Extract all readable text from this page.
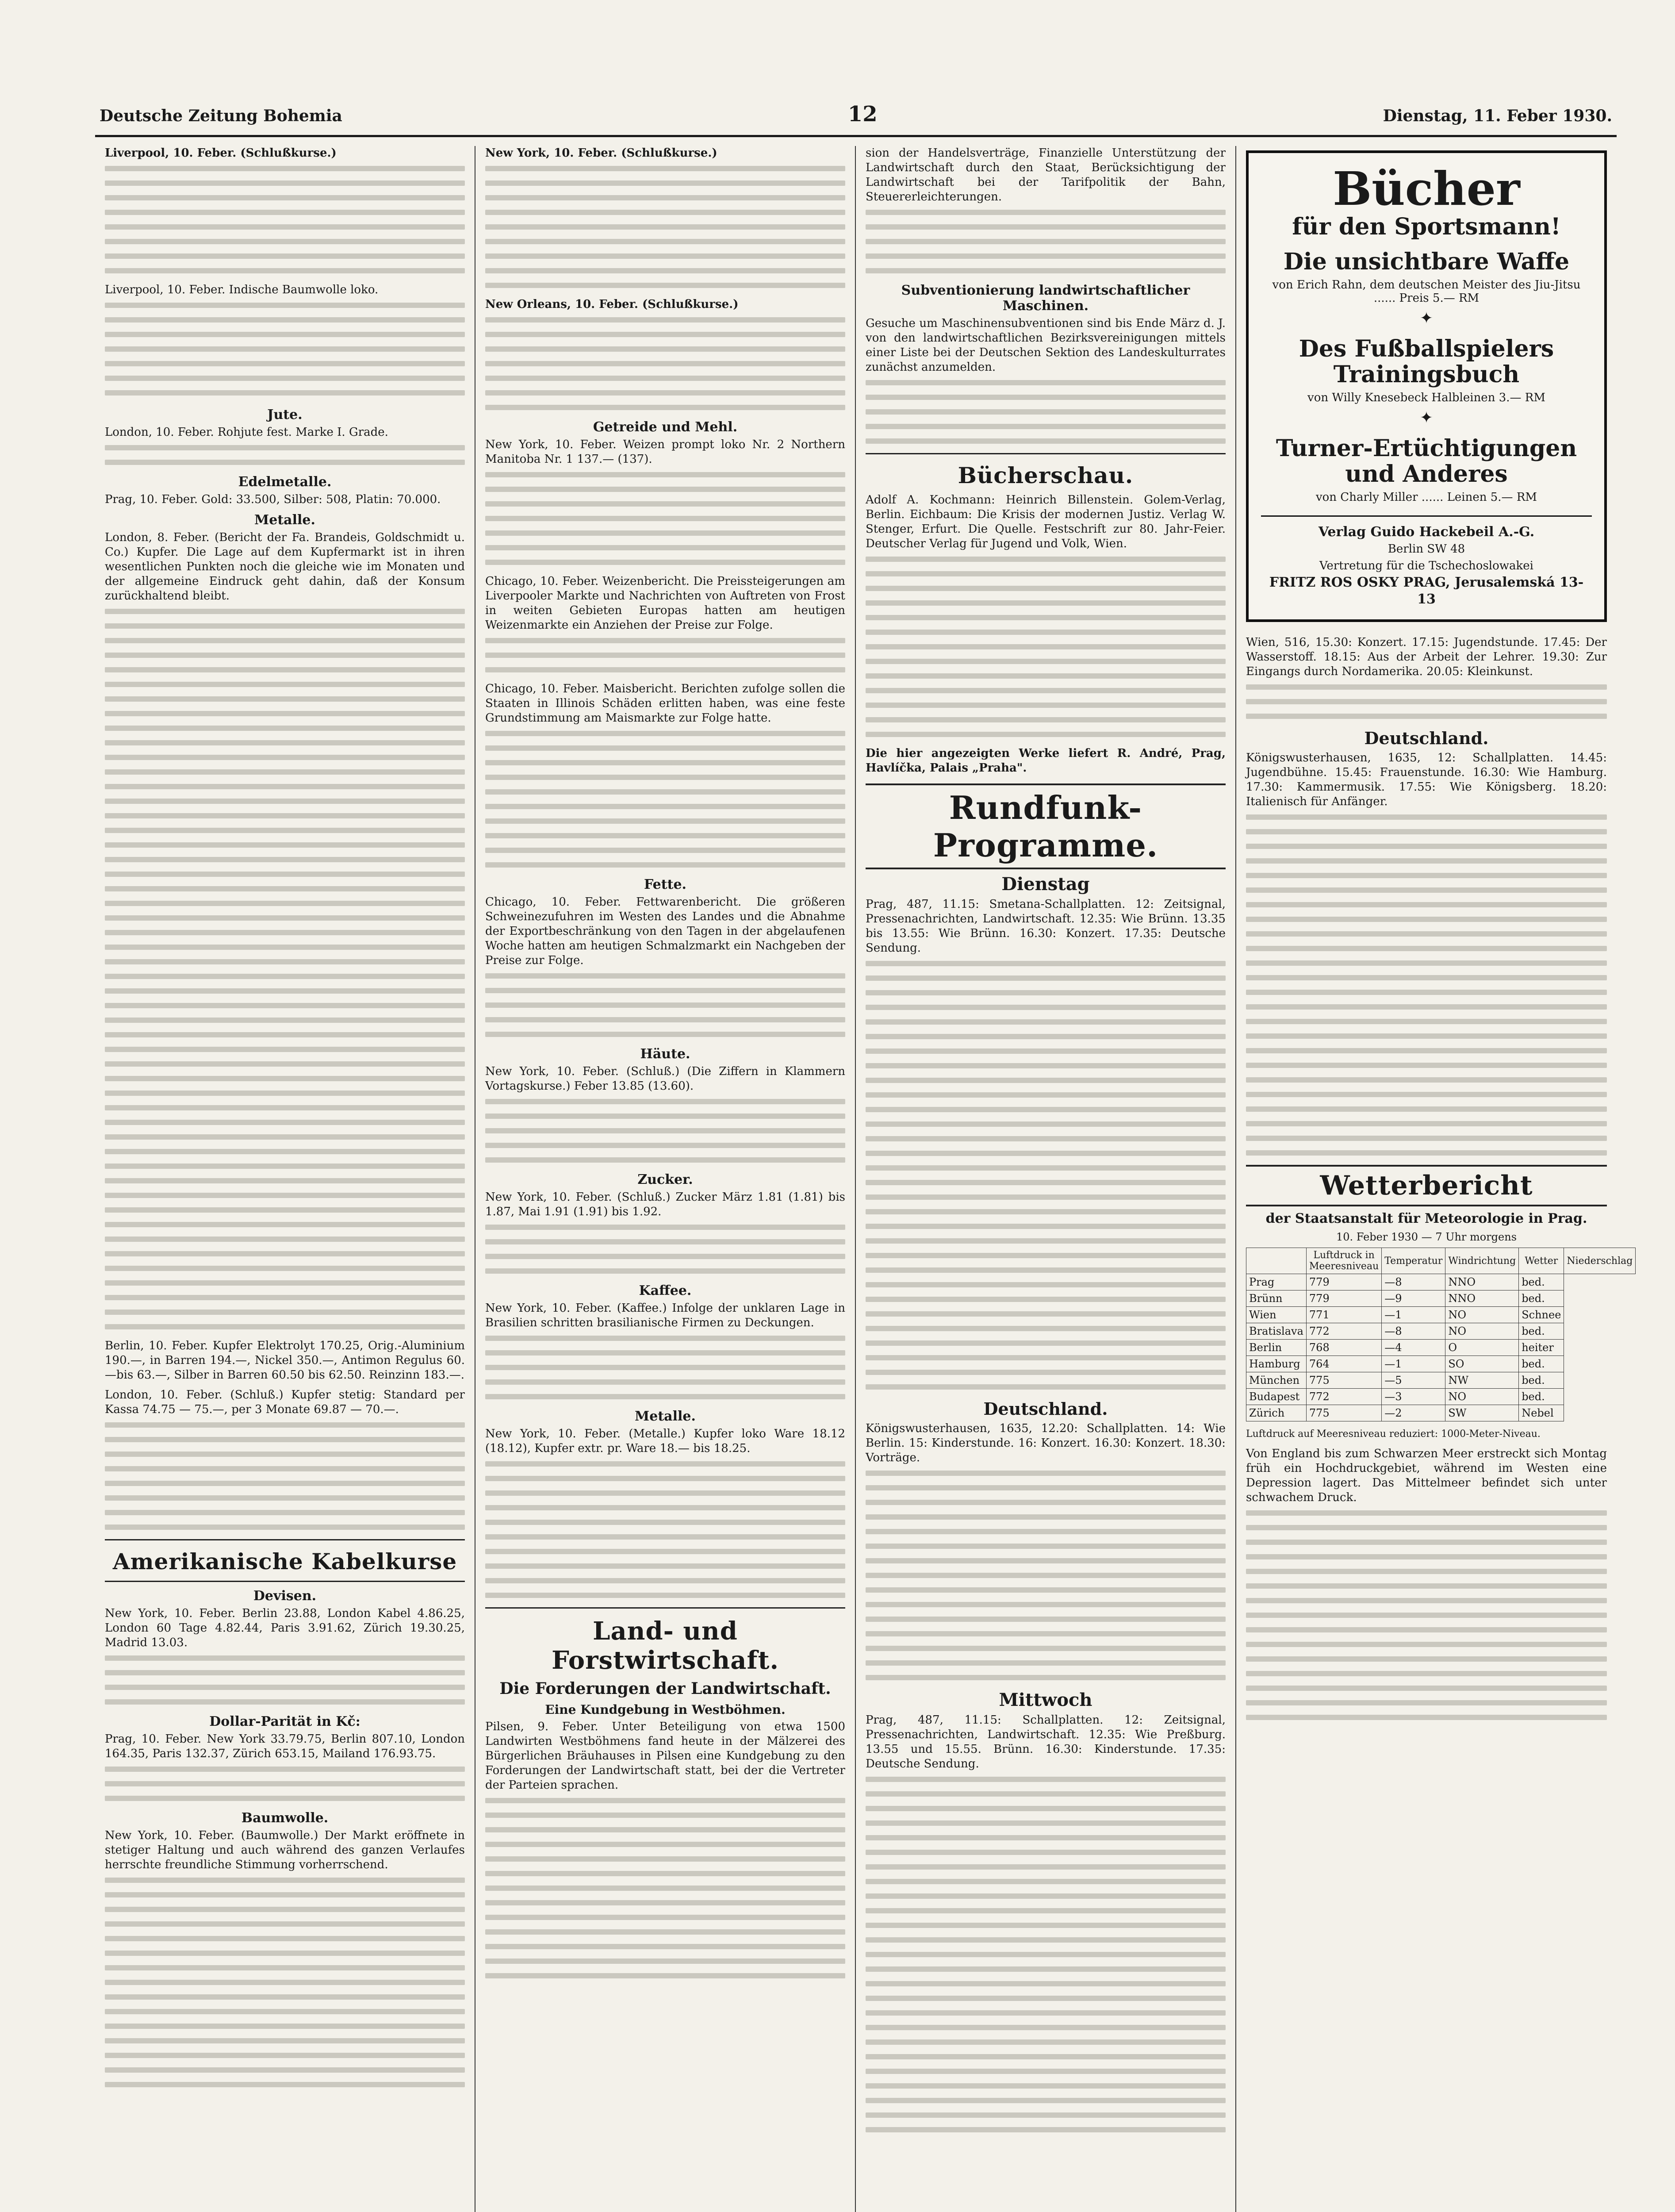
Deutsche Zeitung Bohemia	12	Dienstag, 11. Feber 1930.

Liverpool, 10. Feber. (Schlußkurse.)

Liverpool, 10. Feber. Indische Baumwolle loko.

Jute.

London, 10. Feber. Rohjute fest. Marke I. Grade.

Edelmetalle.

Prag, 10. Feber. Gold: 33.500, Silber: 508, Platin: 70.000.

Metalle.

London, 8. Feber. (Bericht der Fa. Brandeis, Goldschmidt u. Co.) Kupfer. Die Lage auf dem Kupfermarkt ist in ihren wesentlichen Punkten noch die gleiche wie im Monaten und der allgemeine Eindruck geht dahin, daß der Konsum zurückhaltend bleibt.

Berlin, 10. Feber. Kupfer Elektrolyt 170.25, Orig.-Aluminium 190.—, in Barren 194.—, Nickel 350.—, Antimon Regulus 60.—bis 63.—, Silber in Barren 60.50 bis 62.50. Reinzinn 183.—.

London, 10. Feber. (Schluß.) Kupfer stetig: Standard per Kassa 74.75 — 75.—, per 3 Monate 69.87 — 70.—.

Amerikanische Kabelkurse
Devisen.

New York, 10. Feber. Berlin 23.88, London Kabel 4.86.25, London 60 Tage 4.82.44, Paris 3.91.62, Zürich 19.30.25, Madrid 13.03.

Dollar-Parität in Kč:

Prag, 10. Feber. New York 33.79.75, Berlin 807.10, London 164.35, Paris 132.37, Zürich 653.15, Mailand 176.93.75.

Baumwolle.

New York, 10. Feber. (Baumwolle.) Der Markt eröffnete in stetiger Haltung und auch während des ganzen Verlaufes herrschte freundliche Stimmung vorherrschend.

New York, 10. Feber. (Schlußkurse.)

New Orleans, 10. Feber. (Schlußkurse.)

Getreide und Mehl.

New York, 10. Feber. Weizen prompt loko Nr. 2 Northern Manitoba Nr. 1 137.— (137).

Chicago, 10. Feber. Weizenbericht. Die Preissteigerungen am Liverpooler Markte und Nachrichten von Auftreten von Frost in weiten Gebieten Europas hatten am heutigen Weizenmarkte ein Anziehen der Preise zur Folge.

Chicago, 10. Feber. Maisbericht. Berichten zufolge sollen die Staaten in Illinois Schäden erlitten haben, was eine feste Grundstimmung am Maismarkte zur Folge hatte.

Fette.

Chicago, 10. Feber. Fettwarenbericht. Die größeren Schweinezufuhren im Westen des Landes und die Abnahme der Exportbeschränkung von den Tagen in der abgelaufenen Woche hatten am heutigen Schmalzmarkt ein Nachgeben der Preise zur Folge.

Häute.

New York, 10. Feber. (Schluß.) (Die Ziffern in Klammern Vortagskurse.) Feber 13.85 (13.60).

Zucker.

New York, 10. Feber. (Schluß.) Zucker März 1.81 (1.81) bis 1.87, Mai 1.91 (1.91) bis 1.92.

Kaffee.

New York, 10. Feber. (Kaffee.) Infolge der unklaren Lage in Brasilien schritten brasilianische Firmen zu Deckungen.

Metalle.

New York, 10. Feber. (Metalle.) Kupfer loko Ware 18.12 (18.12), Kupfer extr. pr. Ware 18.— bis 18.25.

Land- und Forstwirtschaft.
Die Forderungen der Landwirtschaft.
Eine Kundgebung in Westböhmen.

Pilsen, 9. Feber. Unter Beteiligung von etwa 1500 Landwirten Westböhmens fand heute in der Mälzerei des Bürgerlichen Bräuhauses in Pilsen eine Kundgebung zu den Forderungen der Landwirtschaft statt, bei der die Vertreter der Parteien sprachen.

sion der Handelsverträge, Finanzielle Unterstützung der Landwirtschaft durch den Staat, Berücksichtigung der Landwirtschaft bei der Tarifpolitik der Bahn, Steuererleichterungen.

Subventionierung landwirtschaftlicher Maschinen.

Gesuche um Maschinensubventionen sind bis Ende März d. J. von den landwirtschaftlichen Bezirksvereinigungen mittels einer Liste bei der Deutschen Sektion des Landeskulturrates zunächst anzumelden.

Bücherschau.

Adolf A. Kochmann: Heinrich Billenstein. Golem-Verlag, Berlin. Eichbaum: Die Krisis der modernen Justiz. Verlag W. Stenger, Erfurt. Die Quelle. Festschrift zur 80. Jahr-Feier. Deutscher Verlag für Jugend und Volk, Wien.

Die hier angezeigten Werke liefert R. André, Prag, Havlíčka, Palais „Praha".

Rundfunk-Programme.
Dienstag

Prag, 487, 11.15: Smetana-Schallplatten. 12: Zeitsignal, Pressenachrichten, Landwirtschaft. 12.35: Wie Brünn. 13.35 bis 13.55: Wie Brünn. 16.30: Konzert. 17.35: Deutsche Sendung.

Deutschland.

Königswusterhausen, 1635, 12.20: Schallplatten. 14: Wie Berlin. 15: Kinderstunde. 16: Konzert. 16.30: Konzert. 18.30: Vorträge.

Mittwoch

Prag, 487, 11.15: Schallplatten. 12: Zeitsignal, Pressenachrichten, Landwirtschaft. 12.35: Wie Preßburg. 13.55 und 15.55. Brünn. 16.30: Kinderstunde. 17.35: Deutsche Sendung.

Bücher
für den Sportsmann!
Die unsichtbare Waffe
von Erich Rahn, dem deutschen Meister des Jiu-Jitsu ...... Preis 5.— RM
✦
Des Fußballspielers Trainingsbuch
von Willy Knesebeck Halbleinen 3.— RM
✦
Turner-Ertüchtigungen und Anderes
von Charly Miller ...... Leinen 5.— RM
Verlag Guido Hackebeil A.-G.
Berlin SW 48
Vertretung für die Tschechoslowakei
FRITZ ROS OSKY PRAG, Jerusalemská 13-13

Wien, 516, 15.30: Konzert. 17.15: Jugendstunde. 17.45: Der Wasserstoff. 18.15: Aus der Arbeit der Lehrer. 19.30: Zur Eingangs durch Nordamerika. 20.05: Kleinkunst.

Deutschland.

Königswusterhausen, 1635, 12: Schallplatten. 14.45: Jugendbühne. 15.45: Frauenstunde. 16.30: Wie Hamburg. 17.30: Kammermusik. 17.55: Wie Königsberg. 18.20: Italienisch für Anfänger.

Wetterbericht
der Staatsanstalt für Meteorologie in Prag.
10. Feber 1930 — 7 Uhr morgens
	Luftdruck in Meeresniveau	Temperatur	Windrichtung	Wetter	Niederschlag
Prag	779	—8	NNO	bed.	
Brünn	779	—9	NNO	bed.	
Wien	771	—1	NO	Schnee	
Bratislava	772	—8	NO	bed.	
Berlin	768	—4	O	heiter	
Hamburg	764	—1	SO	bed.	
München	775	—5	NW	bed.	
Budapest	772	—3	NO	bed.	
Zürich	775	—2	SW	Nebel	

Luftdruck auf Meeresniveau reduziert: 1000-Meter-Niveau.

Von England bis zum Schwarzen Meer erstreckt sich Montag früh ein Hochdruckgebiet, während im Westen eine Depression lagert. Das Mittelmeer befindet sich unter schwachem Druck.
